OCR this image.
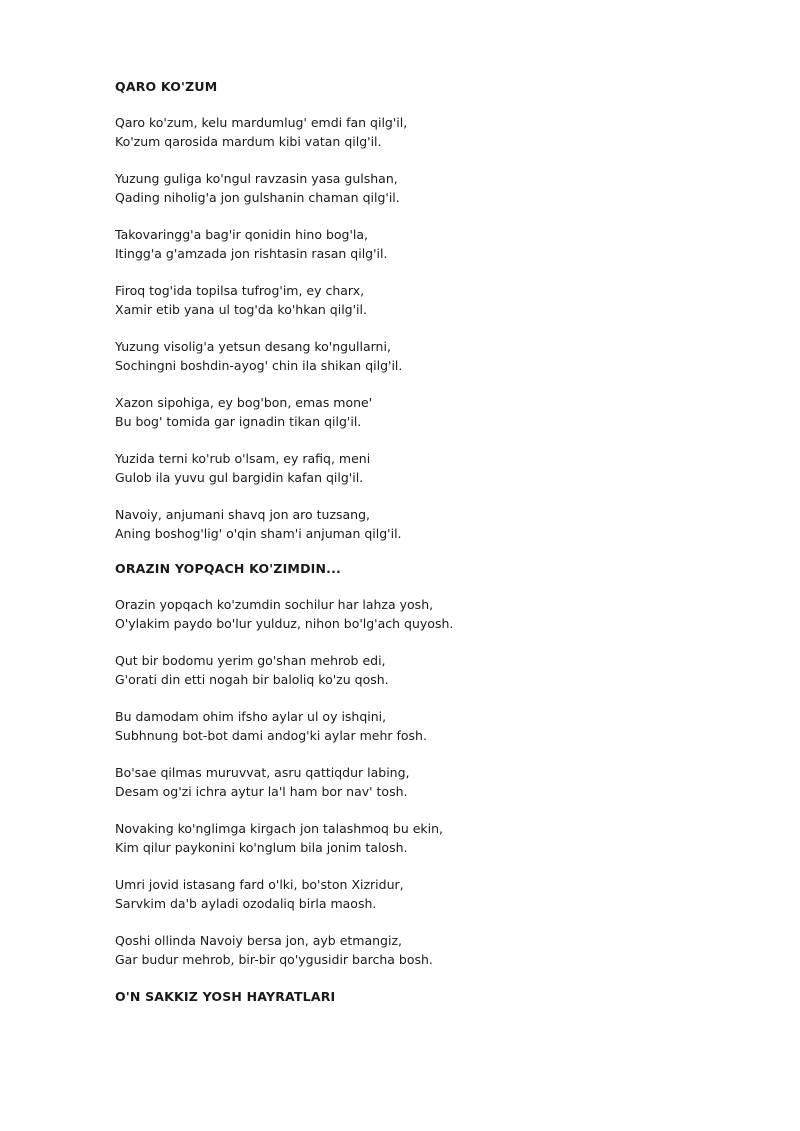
QARO KO'ZUM
Qaro ko'zum, kelu mardumlug' emdi fan qilg'il,
Ko'zum qarosida mardum kibi vatan qilg'il.
Yuzung guliga ko'ngul ravzasin yasa gulshan,
Qading niholig'a jon gulshanin chaman qilg'il.
Takovaringg'a bag'ir qonidin hino bog'la,
Itingg'a g'amzada jon rishtasin rasan qilg'il.
Firoq tog'ida topilsa tufrog'im, ey charx,
Xamir etib yana ul tog'da ko'hkan qilg'il.
Yuzung visolig'a yetsun desang ko'ngullarni,
Sochingni boshdin-ayog' chin ila shikan qilg'il.
Xazon sipohiga, ey bog'bon, emas mone'
Bu bog' tomida gar ignadin tikan qilg'il.
Yuzida terni ko'rub o'lsam, ey rafiq, meni
Gulob ila yuvu gul bargidin kafan qilg'il.
Navoiy, anjumani shavq jon aro tuzsang,
Aning boshog'lig' o'qin sham'i anjuman qilg'il.
ORAZIN YOPQACH KO'ZIMDIN...
Orazin yopqach ko'zumdin sochilur har lahza yosh,
O'ylakim paydo bo'lur yulduz, nihon bo'lg'ach quyosh.
Qut bir bodomu yerim go'shan mehrob edi,
G'orati din etti nogah bir baloliq ko'zu qosh.
Bu damodam ohim ifsho aylar ul oy ishqini,
Subhnung bot-bot dami andog'ki aylar mehr fosh.
Bo'sae qilmas muruvvat, asru qattiqdur labing,
Desam og'zi ichra aytur la'l ham bor nav' tosh.
Novaking ko'nglimga kirgach jon talashmoq bu ekin,
Kim qilur paykonini ko'nglum bila jonim talosh.
Umri jovid istasang fard o'lki, bo'ston Xizridur,
Sarvkim da'b ayladi ozodaliq birla maosh.
Qoshi ollinda Navoiy bersa jon, ayb etmangiz,
Gar budur mehrob, bir-bir qo'ygusidir barcha bosh.
O'N SAKKIZ YOSH HAYRATLARI
